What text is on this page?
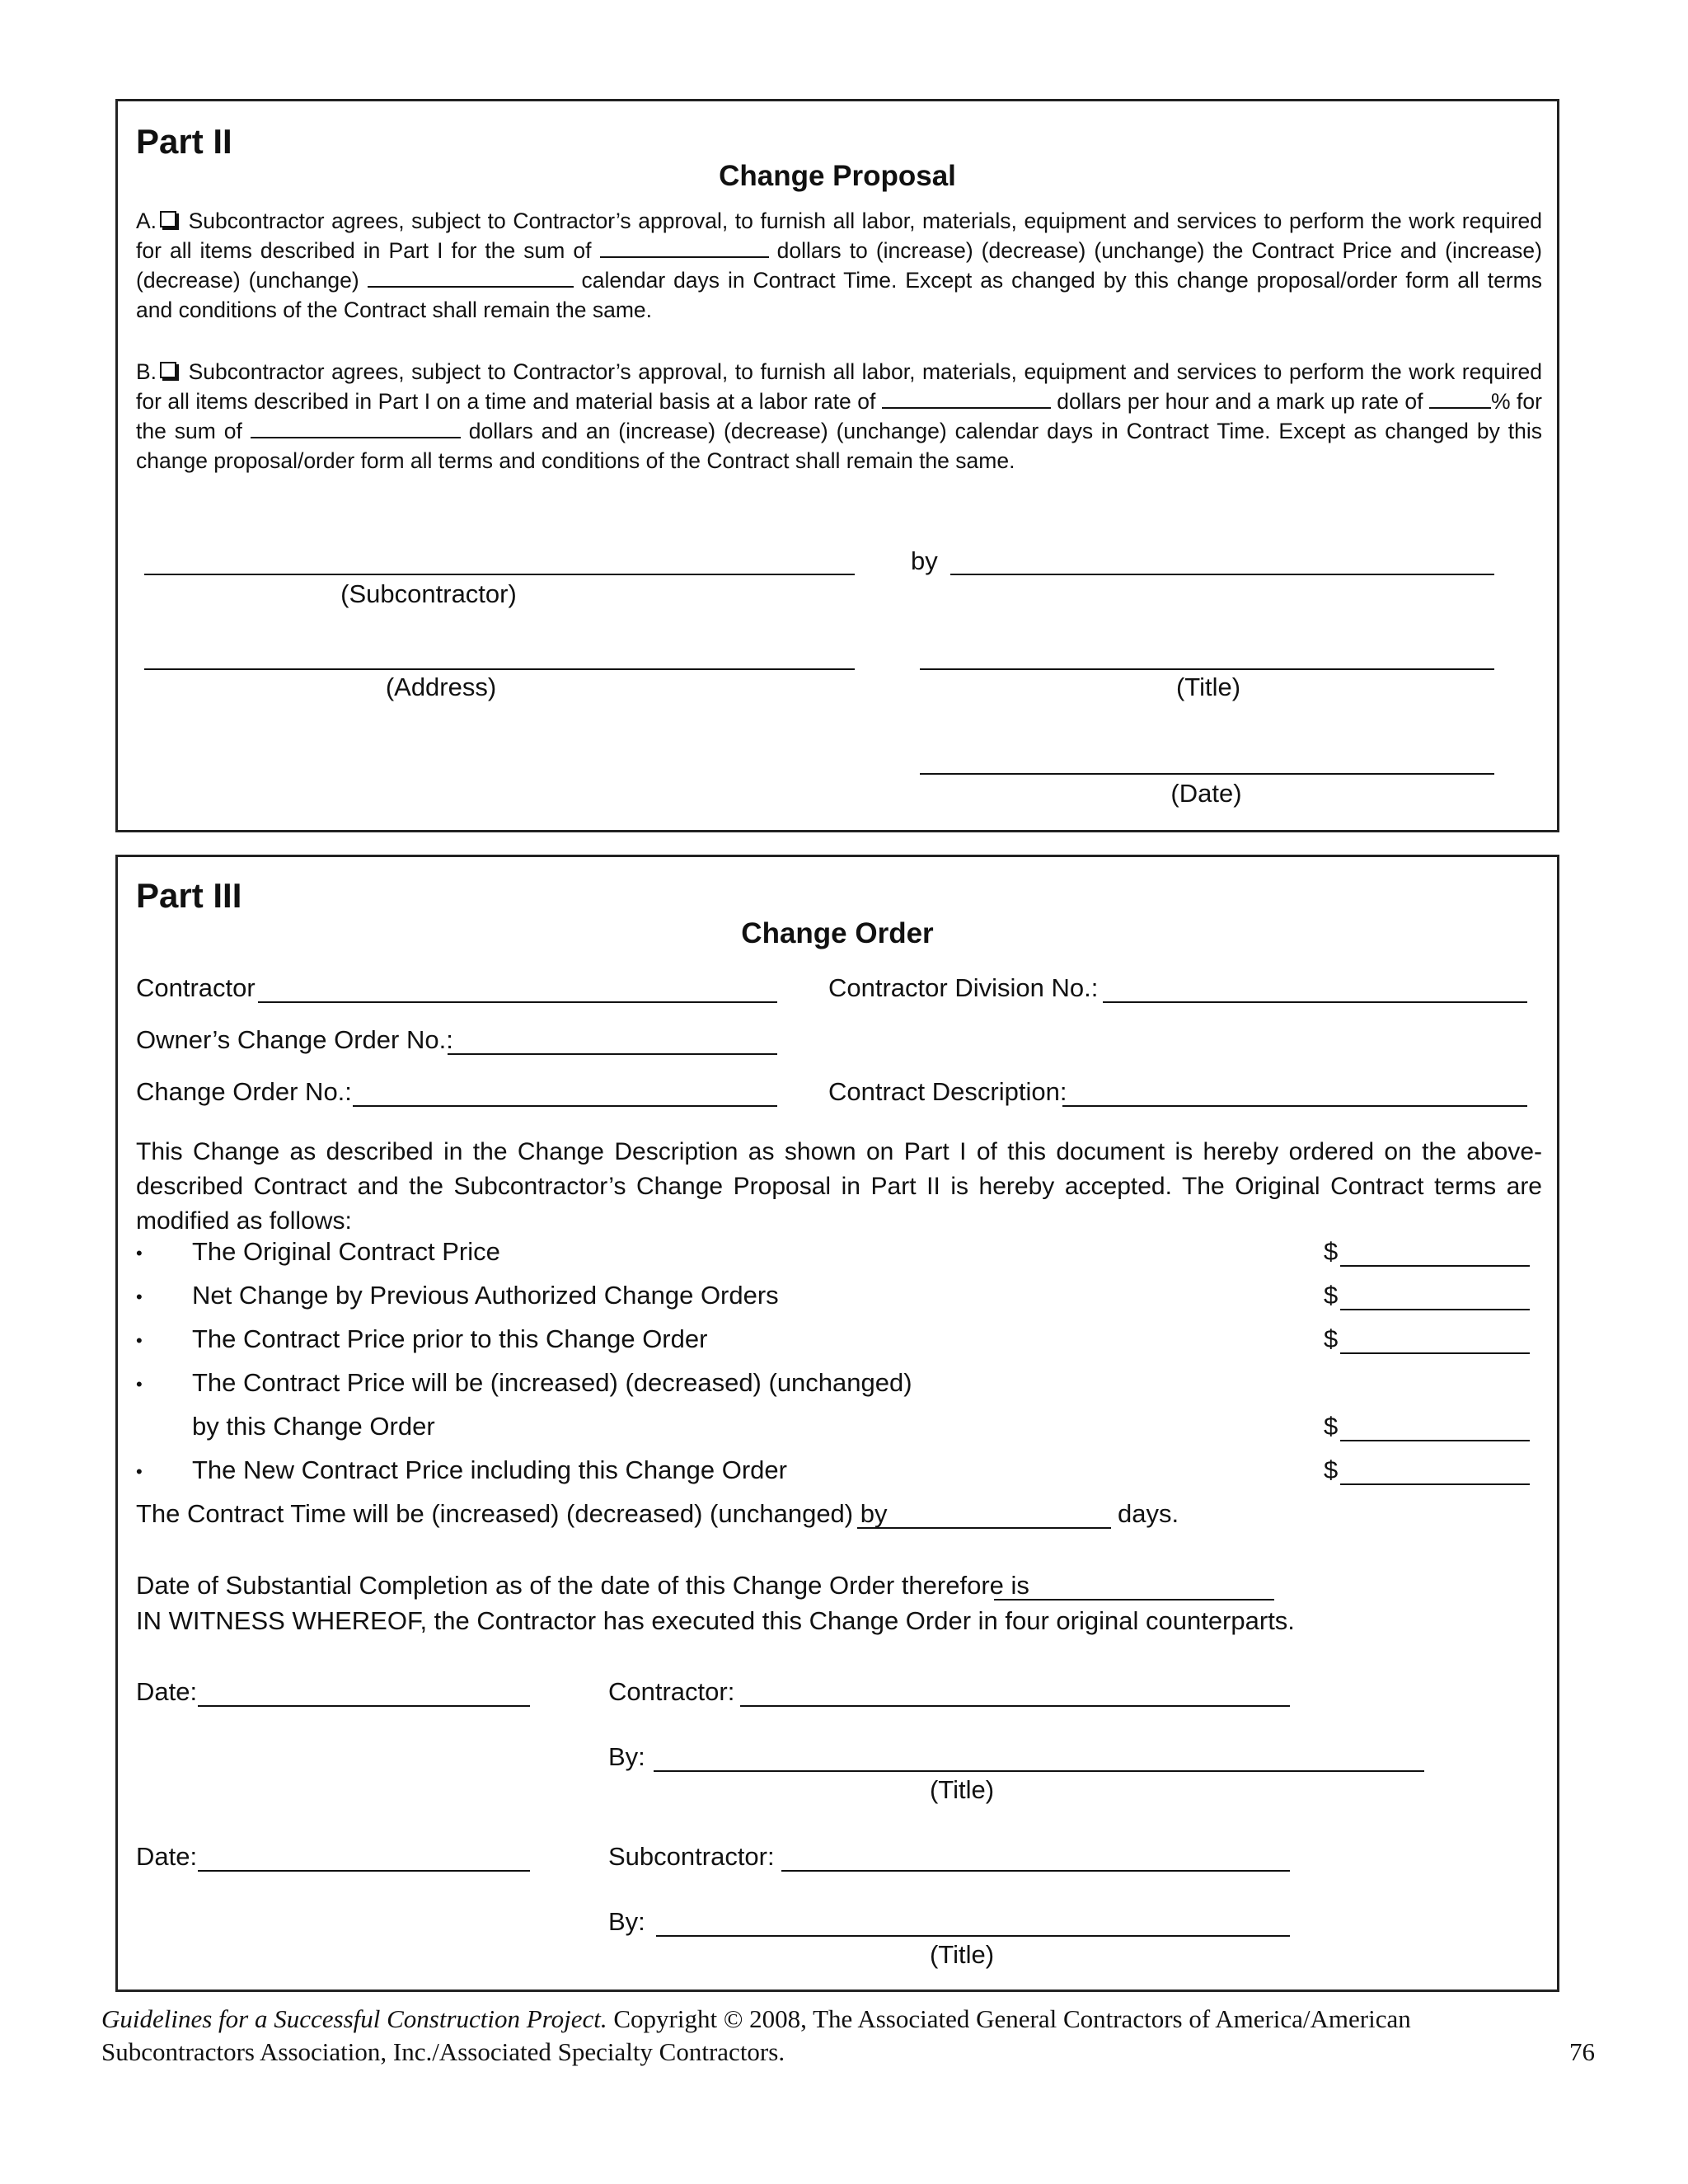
Part II
Change Proposal
A. Subcontractor agrees, subject to Contractor’s approval, to furnish all labor, materials, equipment and services to perform the work required for all items described in Part I for the sum of	dollars to (increase) (decrease) (unchange) the Contract Price and (increase) (decrease) (unchange)	calendar days in Contract Time. Except as changed by this change proposal/order form all terms and conditions of the Contract shall remain the same.
B. Subcontractor agrees, subject to Contractor’s approval, to furnish all labor, materials, equipment and services to perform the work required for all items described in Part I on a time and material basis at a labor rate of	dollars per hour and a mark up rate of	% for the sum of	dollars and an (increase) (decrease) (unchange) calendar days in Contract Time. Except as changed by this change proposal/order form all terms and conditions of the Contract shall remain the same.
(Subcontractor)
by
(Address)	(Title)
(Date)
Part III
Change Order
Contractor	Contractor Division No.:
Owner’s Change Order No.:
Change Order No.:	Contract Description:
This Change as described in the Change Description as shown on Part I of this document is hereby ordered on the above-described Contract and the Subcontractor’s Change Proposal in Part II is hereby accepted. The Original Contract terms are modified as follows:
• The Original Contract Price	$
• Net Change by Previous Authorized Change Orders	$
• The Contract Price prior to this Change Order	$
• The Contract Price will be (increased) (decreased) (unchanged)
by this Change Order	$
• The New Contract Price including this Change Order	$
The Contract Time will be (increased) (decreased) (unchanged) by	days.
Date of Substantial Completion as of the date of this Change Order therefore is
IN WITNESS WHEREOF, the Contractor has executed this Change Order in four original counterparts.
Date:	Contractor:
By:
(Title)
Date:	Subcontractor:
By:
(Title)
Guidelines for a Successful Construction Project. Copyright © 2008, The Associated General Contractors of America/American
Subcontractors Association, Inc./Associated Specialty Contractors.	76
